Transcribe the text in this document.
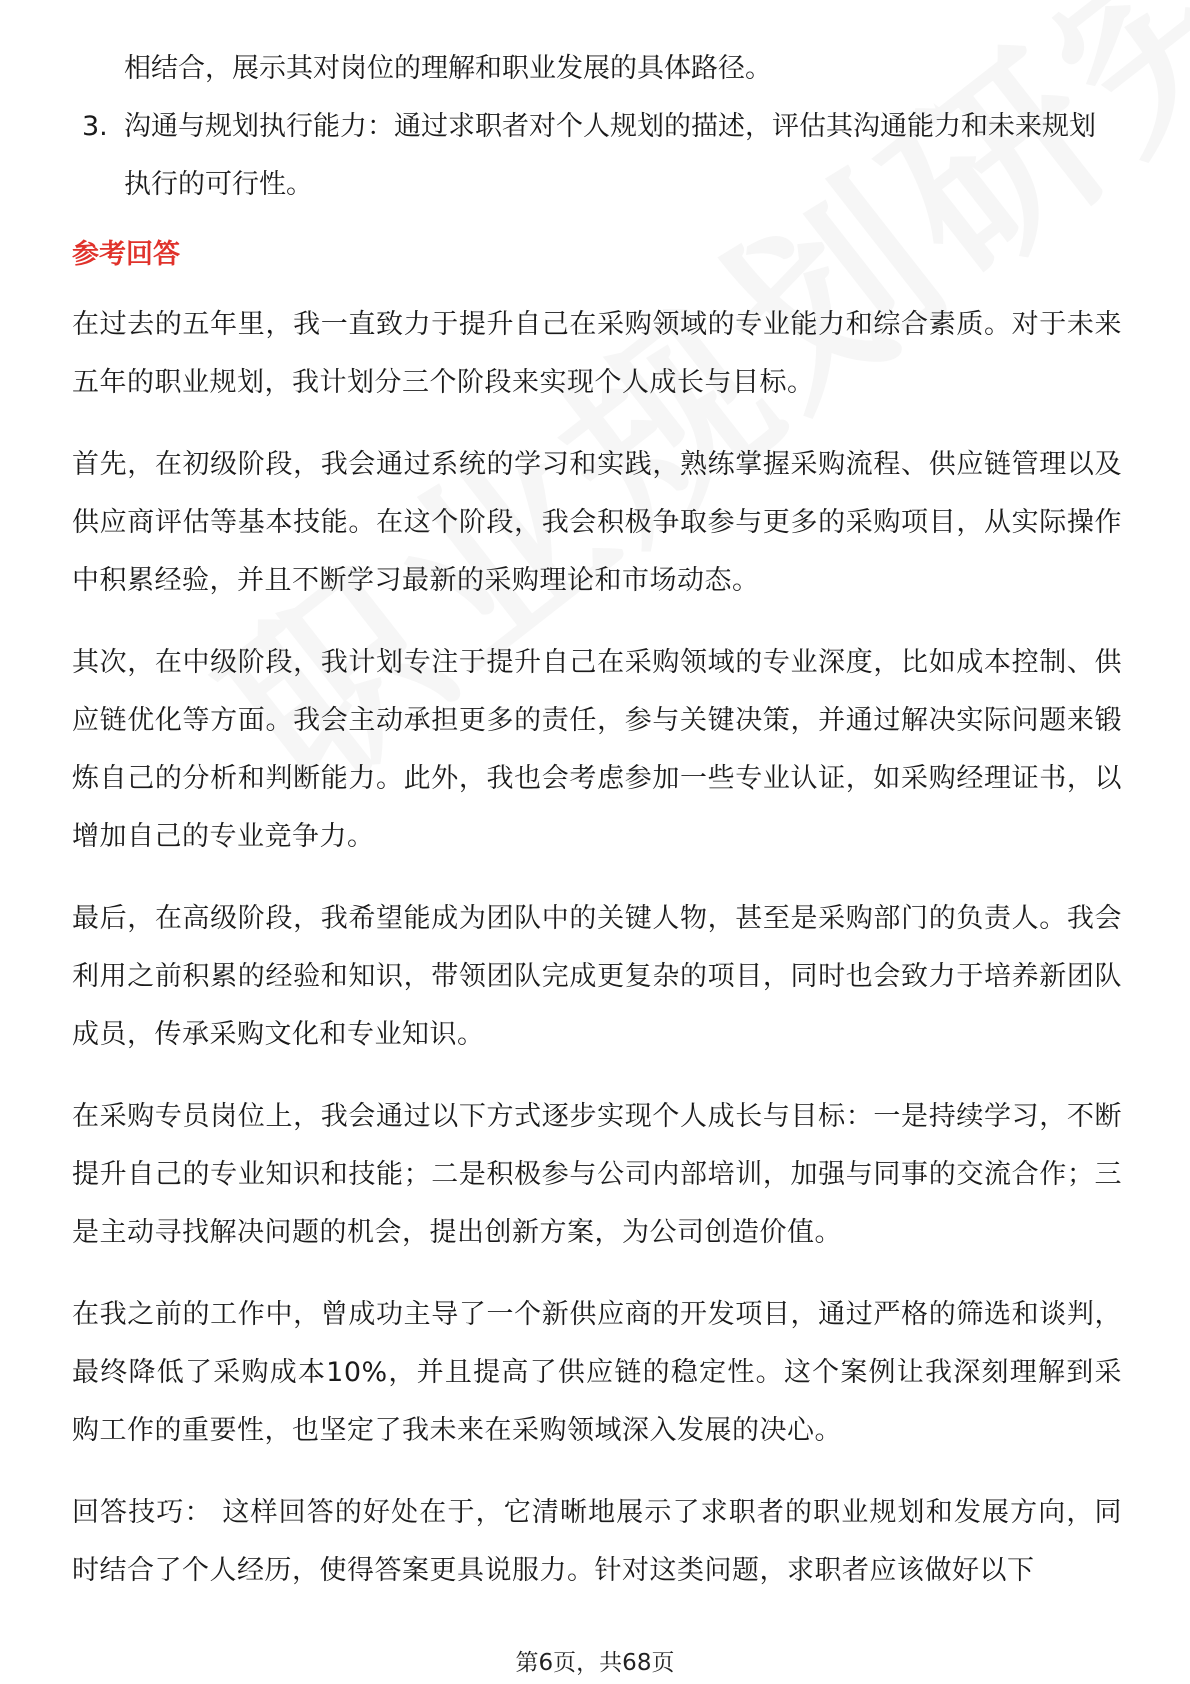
相结合，展示其对岗位的理解和职业发展的具体路径。

3. 沟通与规划执行能力：通过求职者对个人规划的描述，评估其沟通能力和未来规划执行的可行性。
参考回答

在过去的五年里，我一直致力于提升自己在采购领域的专业能力和综合素质。对于未来五年的职业规划，我计划分三个阶段来实现个人成长与目标。

首先，在初级阶段，我会通过系统的学习和实践，熟练掌握采购流程、供应链管理以及供应商评估等基本技能。在这个阶段，我会积极争取参与更多的采购项目，从实际操作中积累经验，并且不断学习最新的采购理论和市场动态。

其次，在中级阶段，我计划专注于提升自己在采购领域的专业深度，比如成本控制、供应链优化等方面。我会主动承担更多的责任，参与关键决策，并通过解决实际问题来锻炼自己的分析和判断能力。此外，我也会考虑参加一些专业认证，如采购经理证书，以增加自己的专业竞争力。

最后，在高级阶段，我希望能成为团队中的关键人物，甚至是采购部门的负责人。我会利用之前积累的经验和知识，带领团队完成更复杂的项目，同时也会致力于培养新团队成员，传承采购文化和专业知识。

在采购专员岗位上，我会通过以下方式逐步实现个人成长与目标：一是持续学习，不断提升自己的专业知识和技能；二是积极参与公司内部培训，加强与同事的交流合作；三是主动寻找解决问题的机会，提出创新方案，为公司创造价值。

在我之前的工作中，曾成功主导了一个新供应商的开发项目，通过严格的筛选和谈判，最终降低了采购成本10%，并且提高了供应链的稳定性。这个案例让我深刻理解到采购工作的重要性，也坚定了我未来在采购领域深入发展的决心。

回答技巧： 这样回答的好处在于，它清晰地展示了求职者的职业规划和发展方向，同时结合了个人经历，使得答案更具说服力。针对这类问题，求职者应该做好以下

第6页，共68页
